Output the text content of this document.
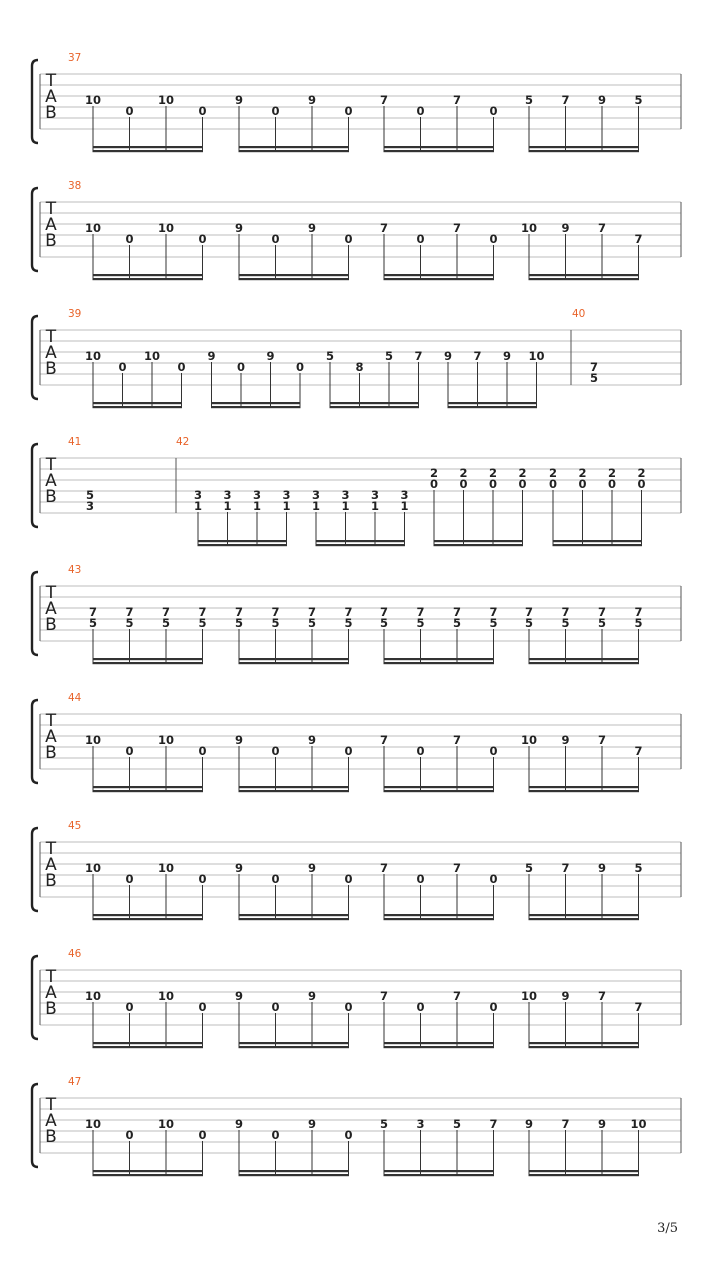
T
A
B
37
10
0
10
0
9
0
9
0
7
0
7
0
5 7 9 5
T
A
B
38
10
0
10
0
9
0
9
0
7
0
7
0
10 9 7
7
T
A
B
39
10
0
10
0
9
0
9
0
5
8
5 7 9 7 9 10
40
7
5
T
A
B
41
5
3
42
3
1
3
1
3
1
3
1
3
1
3
1
3
1
3
1
2
0
2
0
2
0
2
0
2
0
2
0
2
0
2
0
T
A
B
43
7
5
7
5
7
5
7
5
7
5
7
5
7
5
7
5
7
5
7
5
7
5
7
5
7
5
7
5
7
5
7
5
T
A
B
44
10
0
10
0
9
0
9
0
7
0
7
0
10 9 7
7
T
A
B
45
10
0
10
0
9
0
9
0
7
0
7
0
5 7 9 5
T
A
B
46
10
0
10
0
9
0
9
0
7
0
7
0
10 9 7
7
T
A
B
47
10
0
10
0
9
0
9
0
5 3 5 7 9 7 9 10
3/5
